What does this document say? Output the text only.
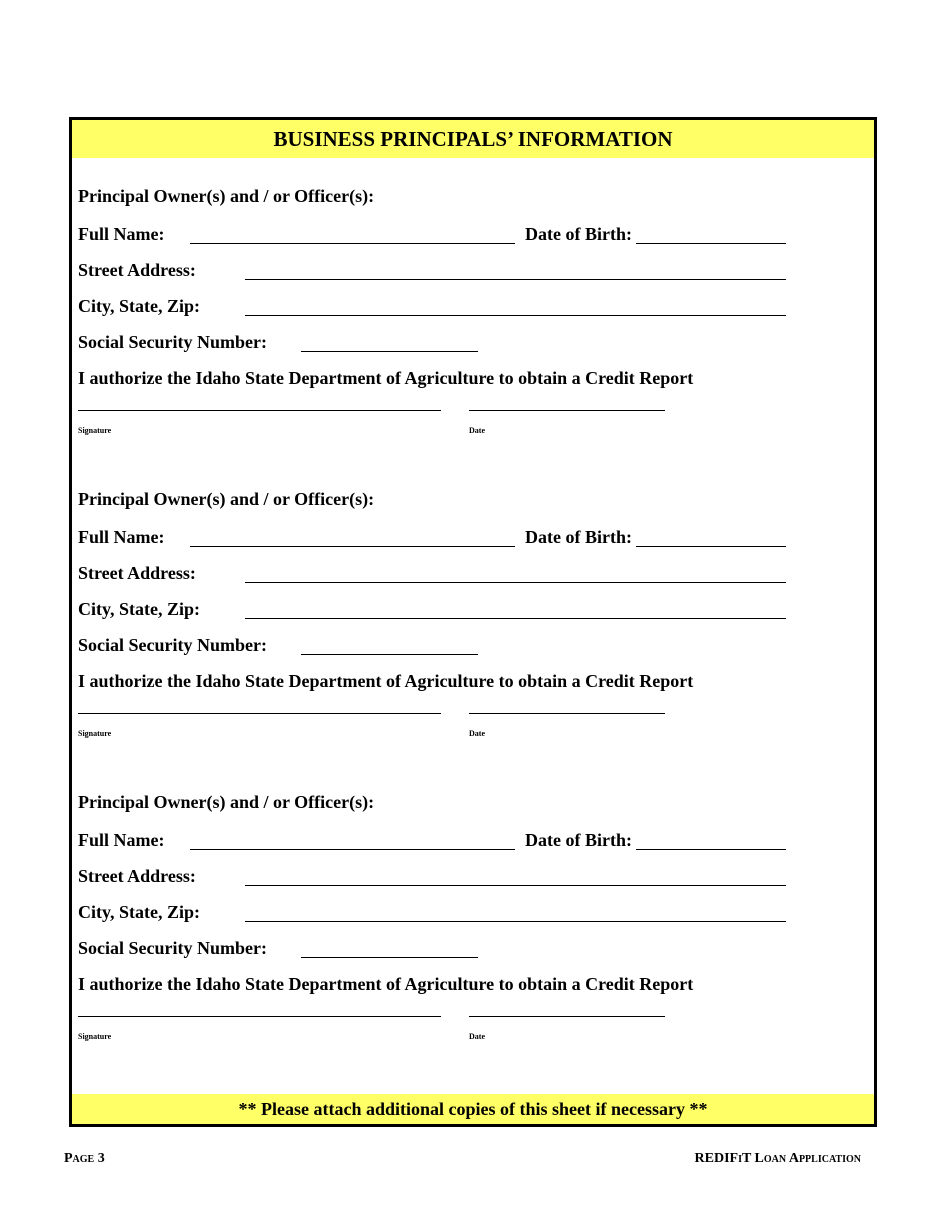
BUSINESS PRINCIPALS’ INFORMATION
Principal Owner(s) and / or Officer(s):
Full Name:	Date of Birth:
Street Address:
City, State, Zip:
Social Security Number:
I authorize the Idaho State Department of Agriculture to obtain a Credit Report
Signature	Date
Principal Owner(s) and / or Officer(s):
Full Name:	Date of Birth:
Street Address:
City, State, Zip:
Social Security Number:
I authorize the Idaho State Department of Agriculture to obtain a Credit Report
Signature	Date
Principal Owner(s) and / or Officer(s):
Full Name:	Date of Birth:
Street Address:
City, State, Zip:
Social Security Number:
I authorize the Idaho State Department of Agriculture to obtain a Credit Report
Signature	Date
** Please attach additional copies of this sheet if necessary **
Page 3	REDIFiT Loan Application
